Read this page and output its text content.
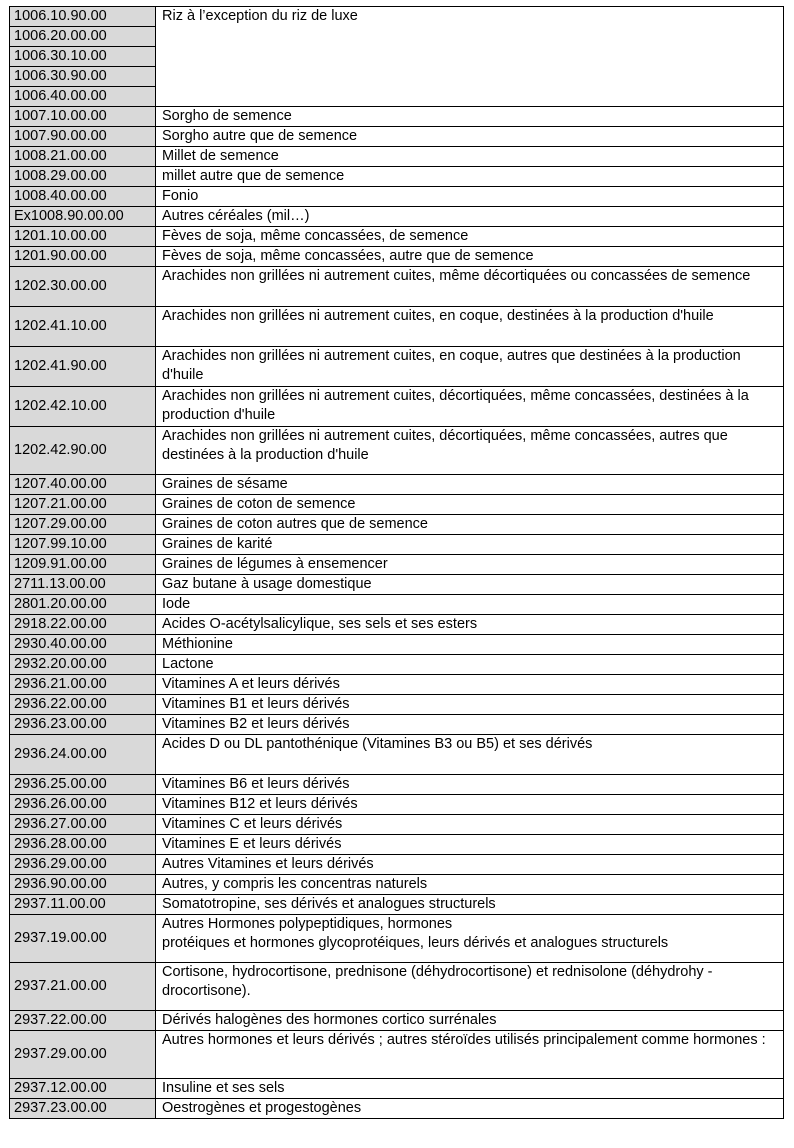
1006.10.90.00	Riz à l’exception du riz de luxe
1006.20.00.00	
1006.30.10.00	
1006.30.90.00	
1006.40.00.00	
1007.10.00.00	Sorgho de semence
1007.90.00.00	Sorgho autre que de semence
1008.21.00.00	Millet de semence
1008.29.00.00	millet autre que de semence
1008.40.00.00	Fonio
Ex1008.90.00.00	Autres céréales (mil…)
1201.10.00.00	Fèves de soja, même concassées, de semence
1201.90.00.00	Fèves de soja, même concassées, autre que de semence
1202.30.00.00	Arachides non grillées ni autrement cuites, même décortiquées ou concassées de semence
1202.41.10.00	Arachides non grillées ni autrement cuites, en coque, destinées à la production d'huile
1202.41.90.00	Arachides non grillées ni autrement cuites, en coque, autres que destinées à la production d'huile
1202.42.10.00	Arachides non grillées ni autrement cuites, décortiquées, même concassées, destinées à la production d'huile
1202.42.90.00	Arachides non grillées ni autrement cuites, décortiquées, même concassées, autres que destinées à la production d'huile
1207.40.00.00	Graines de sésame
1207.21.00.00	Graines de coton de semence
1207.29.00.00	Graines de coton autres que de semence
1207.99.10.00	Graines de karité
1209.91.00.00	Graines de légumes à ensemencer
2711.13.00.00	Gaz butane à usage domestique
2801.20.00.00	Iode
2918.22.00.00	Acides O-acétylsalicylique, ses sels et ses esters
2930.40.00.00	Méthionine
2932.20.00.00	Lactone
2936.21.00.00	Vitamines A et leurs dérivés
2936.22.00.00	Vitamines B1 et leurs dérivés
2936.23.00.00	Vitamines B2 et leurs dérivés
2936.24.00.00	Acides D ou DL pantothénique (Vitamines B3 ou B5) et ses dérivés
2936.25.00.00	Vitamines B6 et leurs dérivés
2936.26.00.00	Vitamines B12 et leurs dérivés
2936.27.00.00	Vitamines C et leurs dérivés
2936.28.00.00	Vitamines E et leurs dérivés
2936.29.00.00	Autres Vitamines et leurs dérivés
2936.90.00.00	Autres, y compris les concentras naturels
2937.11.00.00	Somatotropine, ses dérivés et analogues structurels
2937.19.00.00	Autres Hormones polypeptidiques, hormones
protéiques et hormones glycoprotéiques, leurs dérivés et analogues structurels
2937.21.00.00	Cortisone, hydrocortisone, prednisone (déhydrocortisone) et rednisolone (déhydrohy -drocortisone).
2937.22.00.00	Dérivés halogènes des hormones cortico surrénales
2937.29.00.00	Autres hormones et leurs dérivés ; autres stéroïdes utilisés principalement comme hormones :
2937.12.00.00	Insuline et ses sels
2937.23.00.00	Oestrogènes et progestogènes
